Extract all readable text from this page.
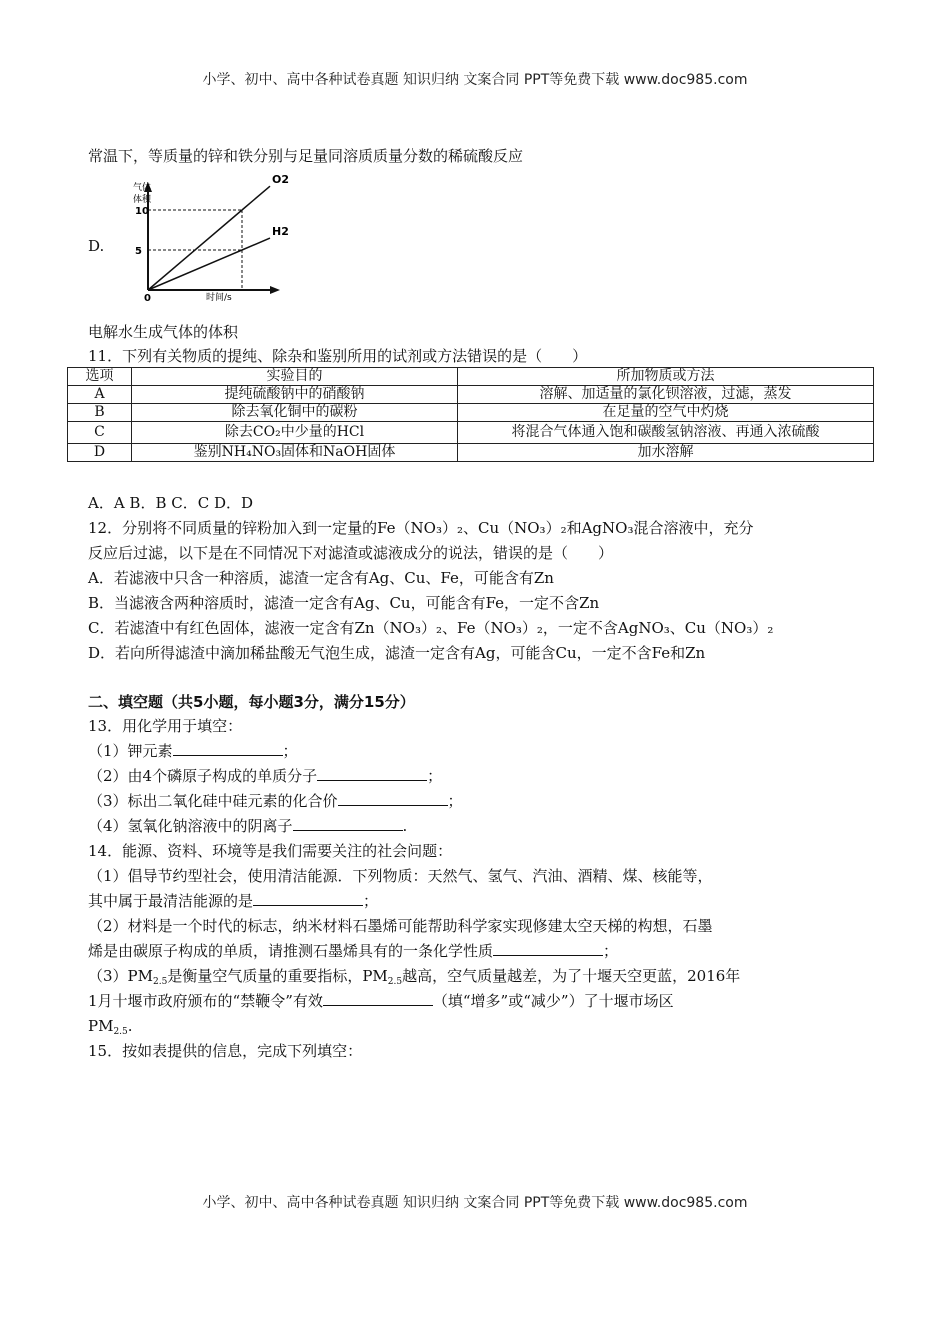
小学、初中、高中各种试卷真题 知识归纳 文案合同 PPT等免费下载 www.doc985.com
常温下，等质量的锌和铁分别与足量同溶质质量分数的稀硫酸反应
D.
O2
H2
5
10
气体体积
时间/s
0
电解水生成气体的体积
11．下列有关物质的提纯、除杂和鉴别所用的试剂或方法错误的是（　　）
选项	实验目的	所加物质或方法
A	提纯硫酸钠中的硝酸钠	溶解、加适量的氯化钡溶液，过滤，蒸发
B	除去氧化铜中的碳粉	在足量的空气中灼烧
C	除去CO₂中少量的HCl	将混合气体通入饱和碳酸氢钠溶液、再通入浓硫酸
D	鉴别NH₄NO₃固体和NaOH固体	加水溶解
A．A B．B C．C D．D
12．分别将不同质量的锌粉加入到一定量的Fe（NO₃）₂、Cu（NO₃）₂和AgNO₃混合溶液中，充分
反应后过滤，以下是在不同情况下对滤渣或滤液成分的说法，错误的是（　　）
A．若滤液中只含一种溶质，滤渣一定含有Ag、Cu、Fe，可能含有Zn
B．当滤液含两种溶质时，滤渣一定含有Ag、Cu，可能含有Fe，一定不含Zn
C．若滤渣中有红色固体，滤液一定含有Zn（NO₃）₂、Fe（NO₃）₂，一定不含AgNO₃、Cu（NO₃）₂
D．若向所得滤渣中滴加稀盐酸无气泡生成，滤渣一定含有Ag，可能含Cu，一定不含Fe和Zn
二、填空题（共5小题，每小题3分，满分15分）
13．用化学用于填空：
（1）钾元素	；
（2）由4个磷原子构成的单质分子	；
（3）标出二氧化硅中硅元素的化合价	；
（4）氢氧化钠溶液中的阴离子	.
14．能源、资料、环境等是我们需要关注的社会问题：
（1）倡导节约型社会，使用清洁能源．下列物质：天然气、氢气、汽油、酒精、煤、核能等，
其中属于最清洁能源的是	；
（2）材料是一个时代的标志，纳米材料石墨烯可能帮助科学家实现修建太空天梯的构想，石墨
烯是由碳原子构成的单质，请推测石墨烯具有的一条化学性质	；
$(3)PM_{2.5}$是衡量空气质量的重要指标，$PM_{2.5}$越高，空气质量越差，为了十堰天空更蓝，2016年
1月十堰市政府颁布的“禁鞭令”有效	（填“增多”或“减少”）了十堰市场区
$PM_{2.5}$.
15．按如表提供的信息，完成下列填空：
小学、初中、高中各种试卷真题 知识归纳 文案合同 PPT等免费下载 www.doc985.com
